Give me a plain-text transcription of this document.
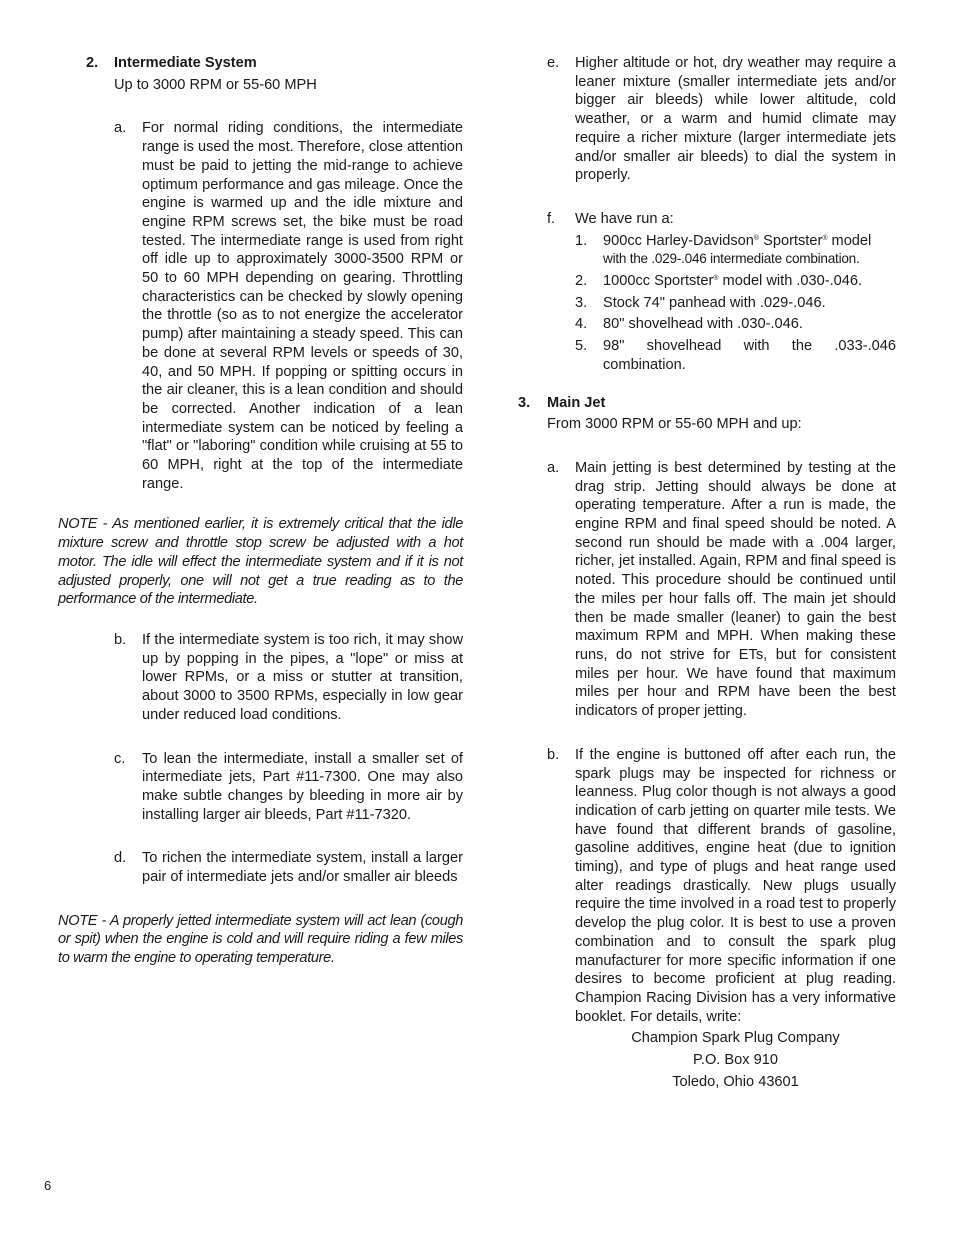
2. Intermediate System
Up to 3000 RPM or 55-60 MPH
a. For normal riding conditions, the intermediate range is used the most. Therefore, close attention must be paid to jetting the mid-range to achieve optimum performance and gas mileage. Once the engine is warmed up and the idle mixture and engine RPM screws set, the bike must be road tested. The intermediate range is used from right off idle up to approximately 3000-3500 RPM or 50 to 60 MPH depending on gearing. Throttling characteristics can be checked by slowly opening the throttle (so as to not energize the accelerator pump) after maintaining a steady speed. This can be done at several RPM levels or speeds of 30, 40, and 50 MPH. If popping or spitting occurs in the air cleaner, this is a lean condition and should be corrected. Another indication of a lean intermediate system can be noticed by feeling a "flat" or "laboring" condition while cruising at 55 to 60 MPH, right at the top of the intermediate range.
NOTE - As mentioned earlier, it is extremely critical that the idle mixture screw and throttle stop screw be adjusted with a hot motor. The idle will effect the intermediate system and if it is not adjusted properly, one will not get a true reading as to the performance of the intermediate.
b. If the intermediate system is too rich, it may show up by popping in the pipes, a "lope" or miss at lower RPMs, or a miss or stutter at transition, about 3000 to 3500 RPMs, especially in low gear under reduced load conditions.
c. To lean the intermediate, install a smaller set of intermediate jets, Part #11-7300. One may also make subtle changes by bleeding in more air by installing larger air bleeds, Part #11-7320.
d. To richen the intermediate system, install a larger pair of intermediate jets and/or smaller air bleeds
NOTE - A properly jetted intermediate system will act lean (cough or spit) when the engine is cold and will require riding a few miles to warm the engine to operating temperature.
e. Higher altitude or hot, dry weather may require a leaner mixture (smaller intermediate jets and/or bigger air bleeds) while lower altitude, cold weather, or a warm and humid climate may require a richer mixture (larger intermediate jets and/or smaller air bleeds) to dial the system in properly.
f. We have run a:
1. 900cc Harley-Davidson® Sportster® model
with the .029-.046 intermediate combination.
2. 1000cc Sportster® model with .030-.046.
3. Stock 74" panhead with .029-.046.
4. 80" shovelhead with .030-.046.
5. 98" shovelhead with the .033-.046 combination.
3. Main Jet
From 3000 RPM or 55-60 MPH and up:
a. Main jetting is best determined by testing at the drag strip. Jetting should always be done at operating temperature. After a run is made, the engine RPM and final speed should be noted. A second run should be made with a .004 larger, richer, jet installed. Again, RPM and final speed is noted. This procedure should be continued until the miles per hour falls off. The main jet should then be made smaller (leaner) to gain the best maximum RPM and MPH. When making these runs, do not strive for ETs, but for consistent miles per hour. We have found that maximum miles per hour and RPM have been the best indicators of proper jetting.
b. If the engine is buttoned off after each run, the spark plugs may be inspected for richness or leanness. Plug color though is not always a good indication of carb jetting on quarter mile tests. We have found that different brands of gasoline, gasoline additives, engine heat (due to ignition timing), and type of plugs and heat range used alter readings drastically. New plugs usually require the time involved in a road test to properly develop the plug color. It is best to use a proven combination and to consult the spark plug manufacturer for more specific information if one desires to become proficient at plug reading. Champion Racing Division has a very informative booklet. For details, write:
Champion Spark Plug Company
P.O. Box 910
Toledo, Ohio 43601
6
